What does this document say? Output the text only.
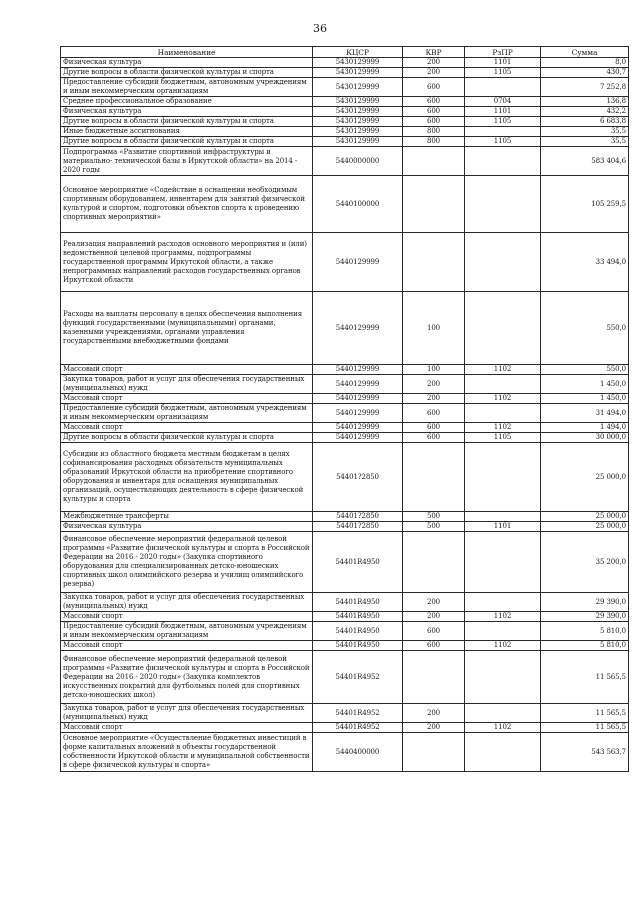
36
Наименование	КЦСР	КВР	РзПР	Сумма
Физическая культура	5430129999	200	1101	8,0
Другие вопросы в области физической культуры и спорта	5430129999	200	1105	430,7
Предоставление субсидий бюджетным, автономным учреждениям и иным некоммерческим организациям	5430129999	600		7 252,8
Среднее профессиональное образование	5430129999	600	0704	136,8
Физическая культура	5430129999	600	1101	432,2
Другие вопросы в области физической культуры и спорта	5430129999	600	1105	6 683,8
Иные бюджетные ассигнования	5430129999	800		35,5
Другие вопросы в области физической культуры и спорта	5430129999	800	1105	35,5
Подпрограмма «Развитие спортивной инфраструктуры и материально- технической базы в Иркутской области» на 2014 - 2020 годы	5440000000			583 404,6
Основное мероприятие «Содействие в оснащении необходимым спортивным оборудованием, инвентарем для занятий физической культурой и спортом, подготовки объектов спорта к проведению спортивных мероприятий»	5440100000			105 259,5
Реализация направлений расходов основного мероприятия и (или) ведомственной целевой программы, подпрограммы государственной программы Иркутской области, а также непрограммных направлений расходов государственных органов Иркутской области	5440129999			33 494,0
Расходы на выплаты персоналу в целях обеспечения выполнения функций государственными (муниципальными) органами, казенными учреждениями, органами управления государственными внебюджетными фондами	5440129999	100		550,0
Массовый спорт	5440129999	100	1102	550,0
Закупка товаров, работ и услуг для обеспечения государственных (муниципальных) нужд	5440129999	200		1 450,0
Массовый спорт	5440129999	200	1102	1 450,0
Предоставление субсидий бюджетным, автономным учреждениям и иным некоммерческим организациям	5440129999	600		31 494,0
Массовый спорт	5440129999	600	1102	1 494,0
Другие вопросы в области физической культуры и спорта	5440129999	600	1105	30 000,0
Субсидии из областного бюджета местным бюджетам в целях софинансирования расходных обязательств муниципальных образований Иркутской области на приобретение спортивного оборудования и инвентаря для оснащения муниципальных организаций, осуществляющих деятельность в сфере физической культуры и спорта	54401?2850			25 000,0
Межбюджетные трансферты	54401?2850	500		25 000,0
Физическая культура	54401?2850	500	1101	25 000,0
Финансовое обеспечение мероприятий федеральной целевой программы «Развитие физической культуры и спорта в Российской Федерации на 2016 - 2020 годы» (Закупка спортивного оборудования для специализированных детско-юношеских спортивных школ олимпийского резерва и училищ олимпийского резерва)	54401R4950			35 200,0
Закупка товаров, работ и услуг для обеспечения государственных (муниципальных) нужд	54401R4950	200		29 390,0
Массовый спорт	54401R4950	200	1102	29 390,0
Предоставление субсидий бюджетным, автономным учреждениям и иным некоммерческим организациям	54401R4950	600		5 810,0
Массовый спорт	54401R4950	600	1102	5 810,0
Финансовое обеспечение мероприятий федеральной целевой программы «Развитие физической культуры и спорта в Российской Федерации на 2016 - 2020 годы» (Закупка комплектов искусственных покрытий для футбольных полей для спортивных детско-юношеских школ)	54401R4952			11 565,5
Закупка товаров, работ и услуг для обеспечения государственных (муниципальных) нужд	54401R4952	200		11 565,5
Массовый спорт	54401R4952	200	1102	11 565,5
Основное мероприятие «Осуществление бюджетных инвестиций в форме капитальных вложений в объекты государственной собственности Иркутской области и муниципальной собственности в сфере физической культуры и спорта»	5440400000			543 563,7
